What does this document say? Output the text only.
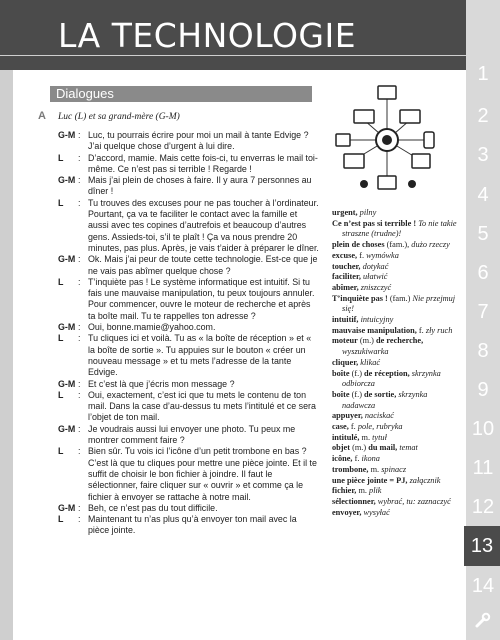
LA TECHNOLOGIE
1
2
3
4
5
6
7
8
9
10
11
12
13
14
Dialogues
A Luc (L) et sa grand-mère (G-M)
G-M : Luc, tu pourrais écrire pour moi un mail à tante Edvige ? J’ai quelque chose d’urgent à lui dire.
L	: D’accord, mamie. Mais cette fois-ci, tu enverras le mail toi-même. Ce n’est pas si terrible ! Regarde !
G-M : Mais j’ai plein de choses à faire. Il y aura 7 personnes au dîner !
L	: Tu trouves des excuses pour ne pas toucher à l’ordinateur. Pourtant, ça va te faciliter le contact avec la famille et aussi avec tes copines d’autrefois et beaucoup d’autres gens. Assieds-toi, s’il te plaît ! Ça va nous prendre 20 minutes, pas plus. Après, je vais t’aider à préparer le dîner.
G-M : Ok. Mais j’ai peur de toute cette technologie. Est-ce que je ne vais pas abîmer quelque chose ?
L	: T’inquiète pas ! Le système informatique est intuitif. Si tu fais une mauvaise manipulation, tu peux toujours annuler. Pour commencer, ouvre le moteur de recherche et après ta boîte mail. Tu te rappelles ton adresse ?
G-M : Oui, bonne.mamie@yahoo.com.
L	: Tu cliques ici et voilà. Tu as « la boîte de réception » et « la boîte de sortie ». Tu appuies sur le bouton « créer un nouveau message » et tu mets l’adresse de la tante Edvige.
G-M : Et c’est là que j’écris mon message ?
L	: Oui, exactement, c’est ici que tu mets le contenu de ton mail. Dans la case d’au-dessus tu mets l’intitulé et ce sera l’objet de ton mail.
G-M : Je voudrais aussi lui envoyer une photo. Tu peux me montrer comment faire ?
L	: Bien sûr. Tu vois ici l’icône d’un petit trombone en bas ? C’est là que tu cliques pour mettre une pièce jointe. Et il te suffit de choisir le bon fichier à joindre. Il faut le sélectionner, faire cliquer sur « ouvrir » et comme ça le fichier à envoyer se rattache à notre mail.
G-M : Beh, ce n’est pas du tout difficile.
L	: Maintenant tu n’as plus qu’à envoyer ton mail avec la pièce jointe.
urgent, pilny
Ce n’est pas si terrible ! To nie takie straszne (trudne)!
plein de choses (fam.), dużo rzeczy
excuse, f. wymówka
toucher, dotykać
faciliter, ułatwić
abîmer, zniszczyć
T’inquiète pas ! (fam.) Nie przejmuj się!
intuitif, intuicyjny
mauvaise manipulation, f. zły ruch
moteur (m.) de recherche, wyszukiwarka
cliquer, klikać
boîte (f.) de réception, skrzynka odbiorcza
boîte (f.) de sortie, skrzynka nadawcza
appuyer, naciskać
case, f. pole, rubryka
intitulé, m. tytuł
objet (m.) du mail, temat
icône, f. ikona
trombone, m. spinacz
une pièce jointe = PJ, załącznik
fichier, m. plik
sélectionner, wybrać, tu: zaznaczyć
envoyer, wysyłać
